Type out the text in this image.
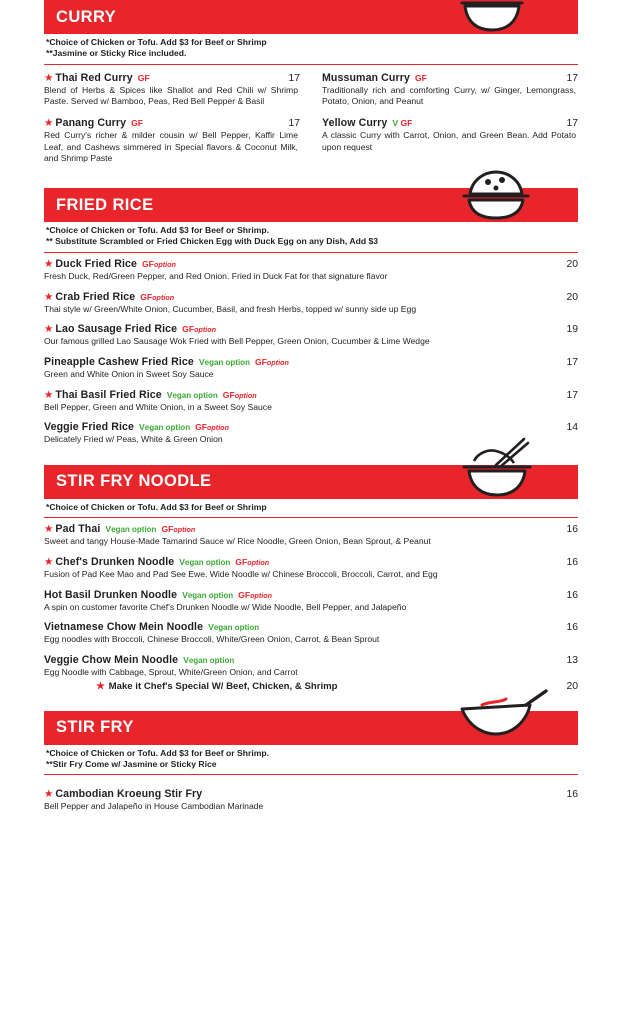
CURRY
*Choice of Chicken or Tofu. Add $3 for Beef or Shrimp
**Jasmine or Sticky Rice included.
★ Thai Red Curry GF	17
Blend of Herbs & Spices like Shallot and Red Chili w/ Shrimp Paste. Served w/ Bamboo, Peas, Red Bell Pepper & Basil
★ Panang Curry GF	17
Red Curry's richer & milder cousin w/ Bell Pepper, Kaffir Lime Leaf, and Cashews simmered in Special flavors & Coconut Milk, and Shrimp Paste
Mussuman Curry GF	17
Traditionally rich and comforting Curry, w/ Ginger, Lemongrass, Potato, Onion, and Peanut
Yellow Curry V GF	17
A classic Curry with Carrot, Onion, and Green Bean. Add Potato upon request
FRIED RICE
*Choice of Chicken or Tofu. Add $3 for Beef or Shrimp.
** Substitute Scrambled or Fried Chicken Egg with Duck Egg on any Dish, Add $3
★ Duck Fried Rice GFoption	20
Fresh Duck, Red/Green Pepper, and Red Onion. Fried in Duck Fat for that signature flavor
★ Crab Fried Rice GFoption	20
Thai style w/ Green/White Onion, Cucumber, Basil, and fresh Herbs, topped w/ sunny side up Egg
★ Lao Sausage Fried Rice GFoption	19
Our famous grilled Lao Sausage Wok Fried with Bell Pepper, Green Onion, Cucumber & Lime Wedge
Pineapple Cashew Fried Rice Vegan option GFoption	17
Green and White Onion in Sweet Soy Sauce
★ Thai Basil Fried Rice Vegan option GFoption	17
Bell Pepper, Green and White Onion, in a Sweet Soy Sauce
Veggie Fried Rice Vegan option GFoption	14
Delicately Fried w/ Peas, White & Green Onion
STIR FRY NOODLE
*Choice of Chicken or Tofu. Add $3 for Beef or Shrimp
★ Pad Thai Vegan option GFoption	16
Sweet and tangy House-Made Tamarind Sauce w/ Rice Noodle, Green Onion, Bean Sprout, & Peanut
★ Chef's Drunken Noodle Vegan option GFoption	16
Fusion of Pad Kee Mao and Pad See Ewe. Wide Noodle w/ Chinese Broccoli, Broccoli, Carrot, and Egg
Hot Basil Drunken Noodle Vegan option GFoption	16
A spin on customer favorite Chef's Drunken Noodle w/ Wide Noodle, Bell Pepper, and Jalapeño
Vietnamese Chow Mein Noodle Vegan option	16
Egg noodles with Broccoli, Chinese Broccoli, White/Green Onion, Carrot, & Bean Sprout
Veggie Chow Mein Noodle Vegan option	13
Egg Noodle with Cabbage, Sprout, White/Green Onion, and Carrot
★ Make it Chef's Special W/ Beef, Chicken, & Shrimp	20
STIR FRY
*Choice of Chicken or Tofu. Add $3 for Beef or Shrimp.
**Stir Fry Come w/ Jasmine or Sticky Rice
★ Cambodian Kroeung Stir Fry	16
Bell Pepper and Jalapeño in House Cambodian Marinade
